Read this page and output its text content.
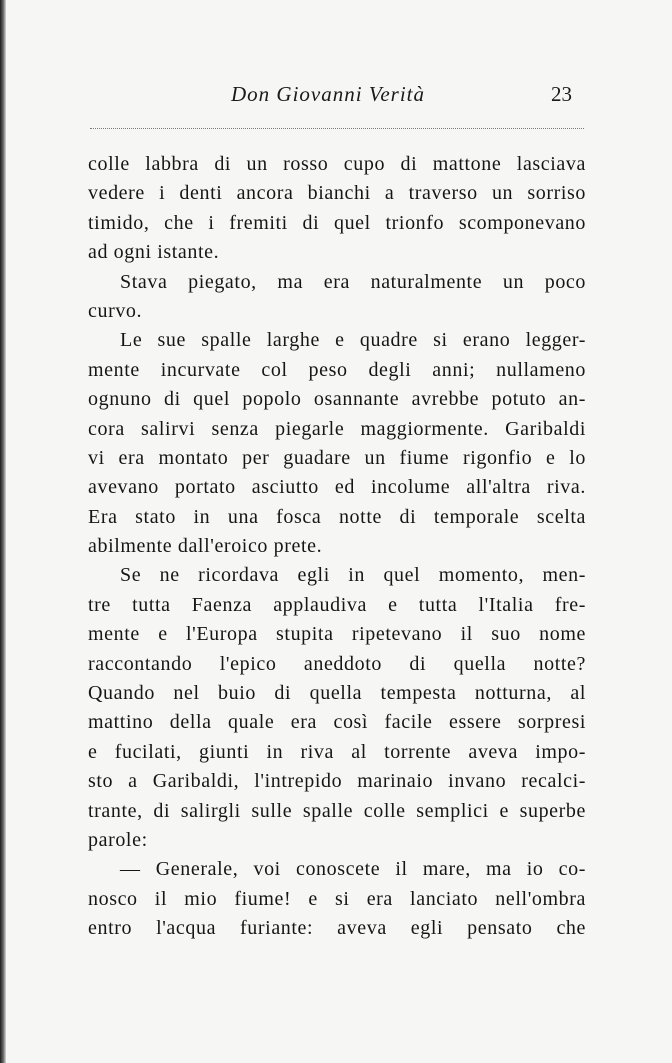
Don Giovanni Verità	23
colle labbra di un rosso cupo di mattone lasciava
vedere i denti ancora bianchi a traverso un sorriso
timido, che i fremiti di quel trionfo scomponevano
ad ogni istante.
Stava piegato, ma era naturalmente un poco
curvo.
Le sue spalle larghe e quadre si erano legger-
mente incurvate col peso degli anni; nullameno
ognuno di quel popolo osannante avrebbe potuto an-
cora salirvi senza piegarle maggiormente. Garibaldi
vi era montato per guadare un fiume rigonfio e lo
avevano portato asciutto ed incolume all'altra riva.
Era stato in una fosca notte di temporale scelta
abilmente dall'eroico prete.
Se ne ricordava egli in quel momento, men-
tre tutta Faenza applaudiva e tutta l'Italia fre-
mente e l'Europa stupita ripetevano il suo nome
raccontando l'epico aneddoto di quella notte?
Quando nel buio di quella tempesta notturna, al
mattino della quale era così facile essere sorpresi
e fucilati, giunti in riva al torrente aveva impo-
sto a Garibaldi, l'intrepido marinaio invano recalci-
trante, di salirgli sulle spalle colle semplici e superbe
parole:
— Generale, voi conoscete il mare, ma io co-
nosco il mio fiume! e si era lanciato nell'ombra
entro l'acqua furiante: aveva egli pensato che
